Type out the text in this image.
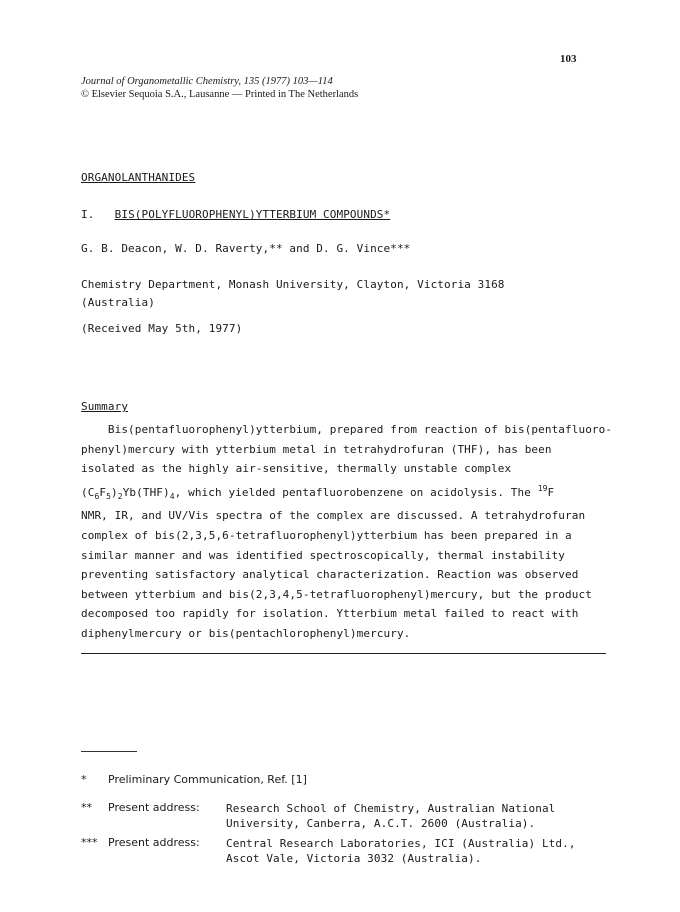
103
Journal of Organometallic Chemistry, 135 (1977) 103—114
© Elsevier Sequoia S.A., Lausanne — Printed in The Netherlands
ORGANOLANTHANIDES
I. BIS(POLYFLUOROPHENYL)YTTERBIUM COMPOUNDS*
G. B. Deacon, W. D. Raverty,** and D. G. Vince***
Chemistry Department, Monash University, Clayton, Victoria 3168
(Australia)
(Received May 5th, 1977)
Summary
Bis(pentafluorophenyl)ytterbium, prepared from reaction of bis(pentafluoro-
phenyl)mercury with ytterbium metal in tetrahydrofuran (THF), has been
isolated as the highly air-sensitive, thermally unstable complex
$(C_6F_5)_2Yb(THF)_4$, which yielded pentafluorobenzene on acidolysis. The $^{19}$F
NMR, IR, and UV/Vis spectra of the complex are discussed. A tetrahydrofuran
complex of bis(2,3,5,6-tetrafluorophenyl)ytterbium has been prepared in a
similar manner and was identified spectroscopically, thermal instability
preventing satisfactory analytical characterization. Reaction was observed
between ytterbium and bis(2,3,4,5-tetrafluorophenyl)mercury, but the product
decomposed too rapidly for isolation. Ytterbium metal failed to react with
diphenylmercury or bis(pentachlorophenyl)mercury.
* Preliminary Communication, Ref. [1]
** Present address: Research School of Chemistry, Australian National
University, Canberra, A.C.T. 2600 (Australia).
*** Present address: Central Research Laboratories, ICI (Australia) Ltd.,
Ascot Vale, Victoria 3032 (Australia).
